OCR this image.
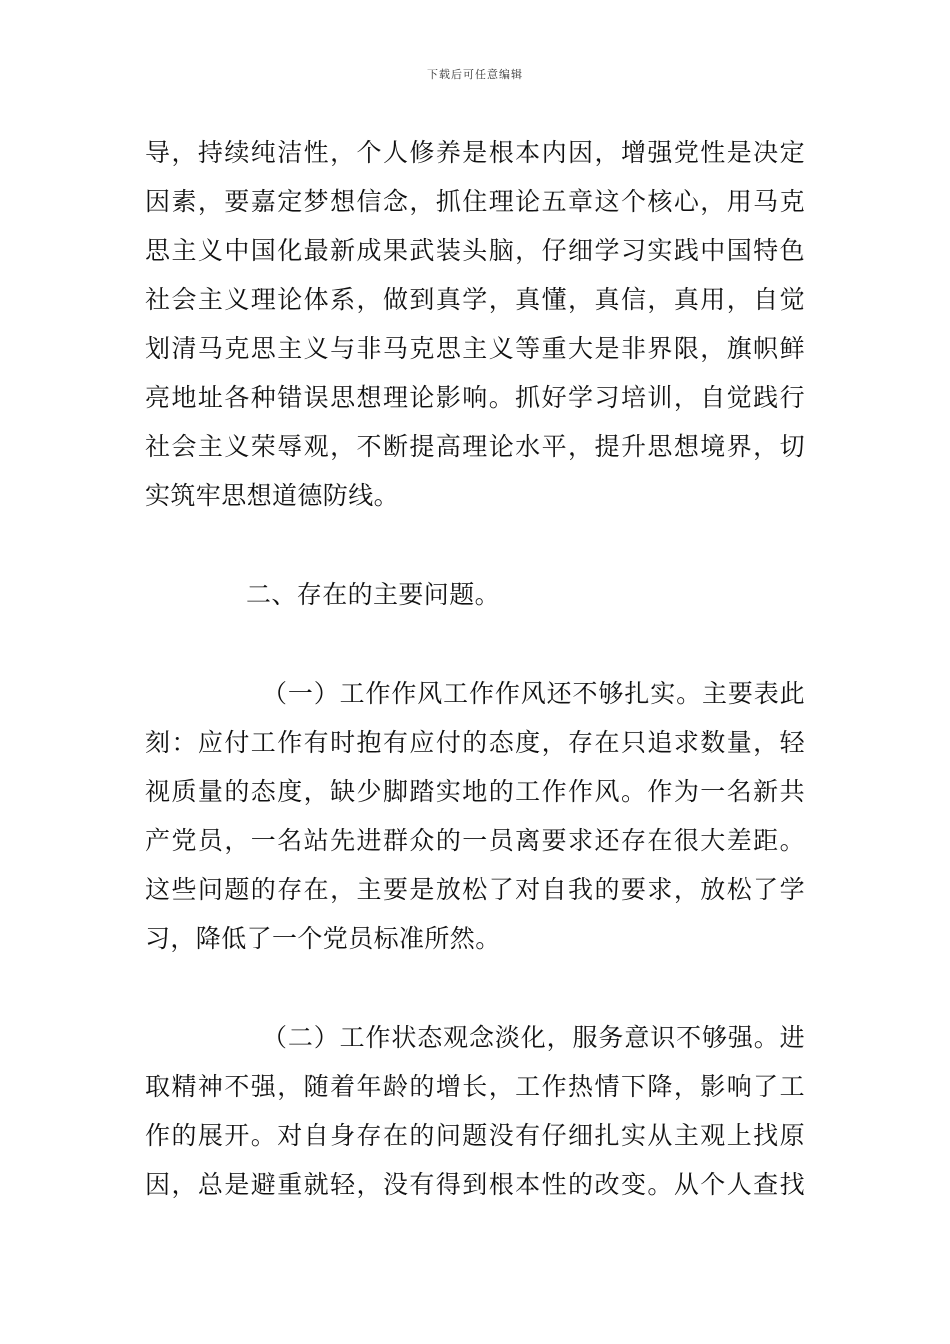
下载后可任意编辑
导，持续纯洁性，个人修养是根本内因，增强党性是决定
因素，要嘉定梦想信念，抓住理论五章这个核心，用马克
思主义中国化最新成果武装头脑，仔细学习实践中国特色
社会主义理论体系，做到真学，真懂，真信，真用，自觉
划清马克思主义与非马克思主义等重大是非界限，旗帜鲜
亮地址各种错误思想理论影响。抓好学习培训，自觉践行
社会主义荣辱观，不断提高理论水平，提升思想境界，切
实筑牢思想道德防线。
二、存在的主要问题。
（一）工作作风工作作风还不够扎实。主要表此
刻：应付工作有时抱有应付的态度，存在只追求数量，轻
视质量的态度，缺少脚踏实地的工作作风。作为一名新共
产党员，一名站先进群众的一员离要求还存在很大差距。
这些问题的存在，主要是放松了对自我的要求，放松了学
习，降低了一个党员标准所然。
（二）工作状态观念淡化，服务意识不够强。进
取精神不强，随着年龄的增长，工作热情下降，影响了工
作的展开。对自身存在的问题没有仔细扎实从主观上找原
因，总是避重就轻，没有得到根本性的改变。从个人查找
